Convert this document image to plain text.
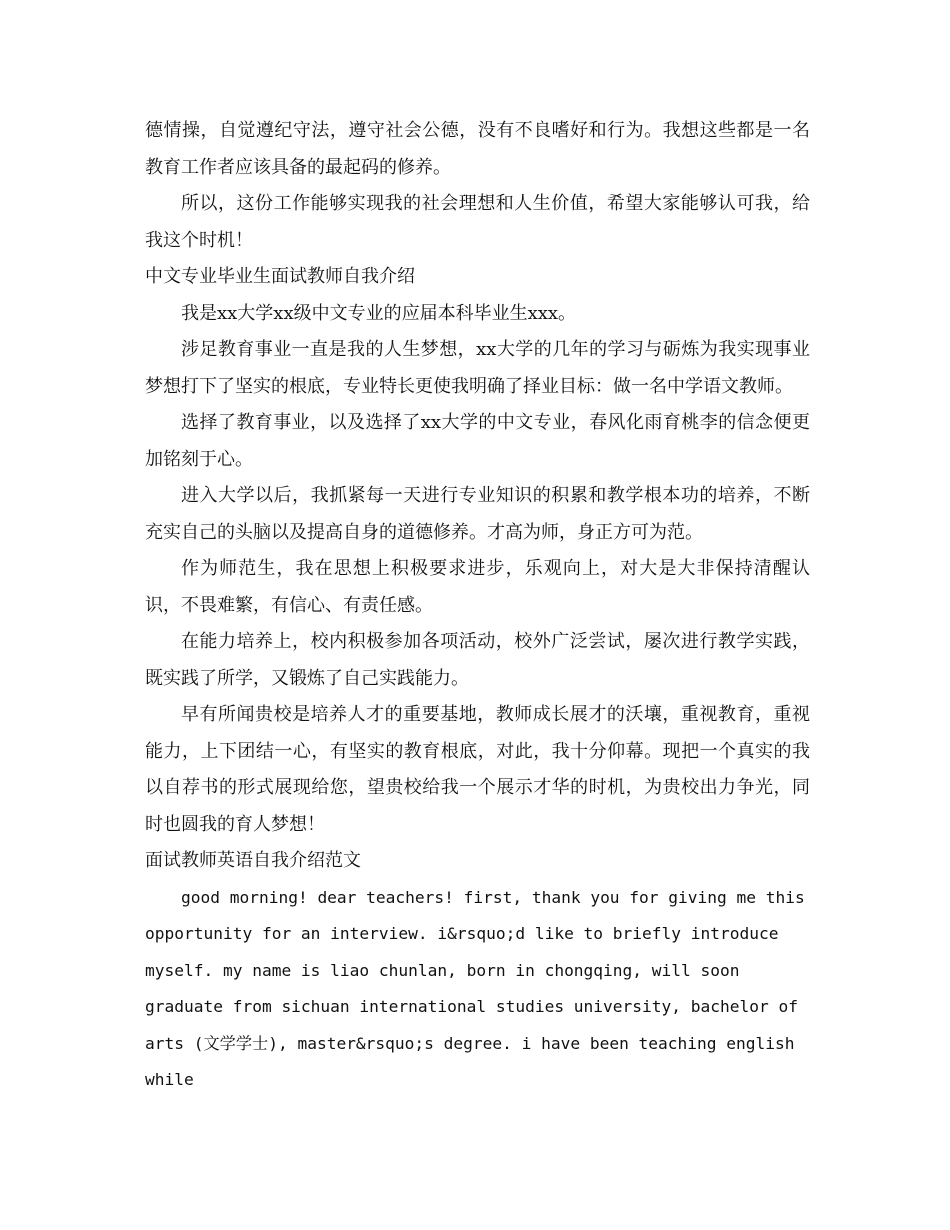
德情操，自觉遵纪守法，遵守社会公德，没有不良嗜好和行为。我想这些都是一名教育工作者应该具备的最起码的修养。

所以，这份工作能够实现我的社会理想和人生价值，希望大家能够认可我，给我这个时机！

中文专业毕业生面试教师自我介绍

我是xx大学xx级中文专业的应届本科毕业生xxx。

涉足教育事业一直是我的人生梦想，xx大学的几年的学习与砺炼为我实现事业梦想打下了坚实的根底，专业特长更使我明确了择业目标：做一名中学语文教师。

选择了教育事业，以及选择了xx大学的中文专业，春风化雨育桃李的信念便更加铭刻于心。

进入大学以后，我抓紧每一天进行专业知识的积累和教学根本功的培养，不断充实自己的头脑以及提高自身的道德修养。才高为师，身正方可为范。

作为师范生，我在思想上积极要求进步，乐观向上，对大是大非保持清醒认识，不畏难繁，有信心、有责任感。

在能力培养上，校内积极参加各项活动，校外广泛尝试，屡次进行教学实践，既实践了所学，又锻炼了自己实践能力。

早有所闻贵校是培养人才的重要基地，教师成长展才的沃壤，重视教育，重视能力，上下团结一心，有坚实的教育根底，对此，我十分仰幕。现把一个真实的我以自荐书的形式展现给您，望贵校给我一个展示才华的时机，为贵校出力争光，同时也圆我的育人梦想！

面试教师英语自我介绍范文

good morning! dear teachers! first, thank you for giving me this opportunity for an interview. i&rsquo;d like to briefly introduce myself. my name is liao chunlan, born in chongqing, will soon graduate from sichuan international studies university, bachelor of arts (文学学士), master&rsquo;s degree. i have been teaching english while
